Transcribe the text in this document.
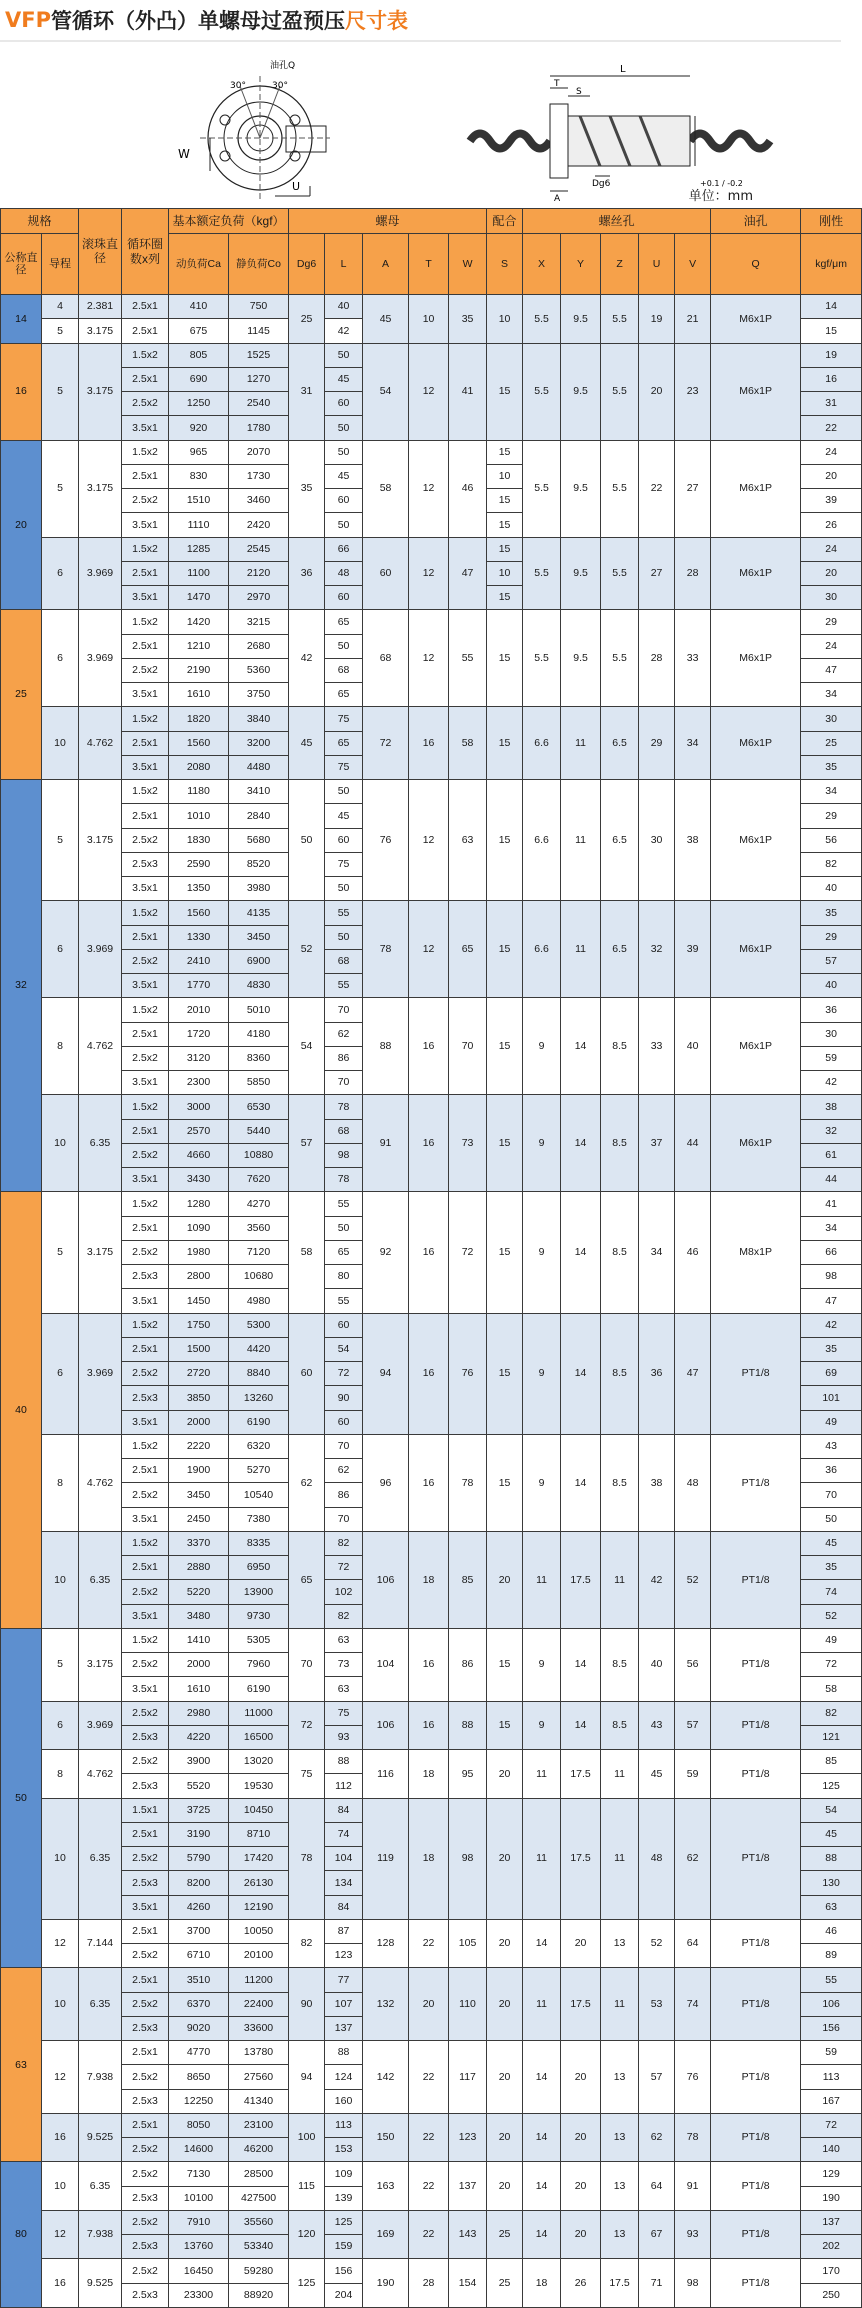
VFP 管循环（外凸）单螺母过盈预压 尺寸表
油孔Q
30°	30°
W
U
L
T
S
A
Dg6	+0.1 / -0.2
单位：mm
规格		滚珠直径	循环圈数x列	基本额定负荷（kgf）		螺母					配合	螺丝孔					油孔	刚性
公称直径	导程			动负荷Ca	静负荷Co	Dg6	L	A	T	W	S	X	Y	Z	U	V	Q	kgf/μm
14	4	2.381	2.5x1	410	750	25	40	45	10	35	10	5.5	9.5	5.5	19	21	M6x1P	14
	5	3.175	2.5x1	675	1145		42											15
16	5	3.175	1.5x2	805	1525	31	50	54	12	41	15	5.5	9.5	5.5	20	23	M6x1P	19
			2.5x1	690	1270		45											16
			2.5x2	1250	2540		60											31
			3.5x1	920	1780		50											22
20	5	3.175	1.5x2	965	2070	35	50	58	12	46	15	5.5	9.5	5.5	22	27	M6x1P	24
			2.5x1	830	1730		45				10							20
			2.5x2	1510	3460		60				15							39
			3.5x1	1110	2420		50				15							26
	6	3.969	1.5x2	1285	2545	36	66	60	12	47	15	5.5	9.5	5.5	27	28	M6x1P	24
			2.5x1	1100	2120		48				10							20
			3.5x1	1470	2970		60				15							30
25	6	3.969	1.5x2	1420	3215	42	65	68	12	55	15	5.5	9.5	5.5	28	33	M6x1P	29
			2.5x1	1210	2680		50											24
			2.5x2	2190	5360		68											47
			3.5x1	1610	3750		65											34
	10	4.762	1.5x2	1820	3840	45	75	72	16	58	15	6.6	11	6.5	29	34	M6x1P	30
			2.5x1	1560	3200		65											25
			3.5x1	2080	4480		75											35
32	5	3.175	1.5x2	1180	3410	50	50	76	12	63	15	6.6	11	6.5	30	38	M6x1P	34
			2.5x1	1010	2840		45											29
			2.5x2	1830	5680		60											56
			2.5x3	2590	8520		75											82
			3.5x1	1350	3980		50											40
	6	3.969	1.5x2	1560	4135	52	55	78	12	65	15	6.6	11	6.5	32	39	M6x1P	35
			2.5x1	1330	3450		50											29
			2.5x2	2410	6900		68											57
			3.5x1	1770	4830		55											40
	8	4.762	1.5x2	2010	5010	54	70	88	16	70	15	9	14	8.5	33	40	M6x1P	36
			2.5x1	1720	4180		62											30
			2.5x2	3120	8360		86											59
			3.5x1	2300	5850		70											42
	10	6.35	1.5x2	3000	6530	57	78	91	16	73	15	9	14	8.5	37	44	M6x1P	38
			2.5x1	2570	5440		68											32
			2.5x2	4660	10880		98											61
			3.5x1	3430	7620		78											44
40	5	3.175	1.5x2	1280	4270	58	55	92	16	72	15	9	14	8.5	34	46	M8x1P	41
			2.5x1	1090	3560		50											34
			2.5x2	1980	7120		65											66
			2.5x3	2800	10680		80											98
			3.5x1	1450	4980		55											47
	6	3.969	1.5x2	1750	5300	60	60	94	16	76	15	9	14	8.5	36	47	PT1/8	42
			2.5x1	1500	4420		54											35
			2.5x2	2720	8840		72											69
			2.5x3	3850	13260		90											101
			3.5x1	2000	6190		60											49
	8	4.762	1.5x2	2220	6320	62	70	96	16	78	15	9	14	8.5	38	48	PT1/8	43
			2.5x1	1900	5270		62											36
			2.5x2	3450	10540		86											70
			3.5x1	2450	7380		70											50
	10	6.35	1.5x2	3370	8335	65	82	106	18	85	20	11	17.5	11	42	52	PT1/8	45
			2.5x1	2880	6950		72											35
			2.5x2	5220	13900		102											74
			3.5x1	3480	9730		82											52
50	5	3.175	1.5x2	1410	5305	70	63	104	16	86	15	9	14	8.5	40	56	PT1/8	49
			2.5x2	2000	7960		73											72
			3.5x1	1610	6190		63											58
	6	3.969	2.5x2	2980	11000	72	75	106	16	88	15	9	14	8.5	43	57	PT1/8	82
			2.5x3	4220	16500		93											121
	8	4.762	2.5x2	3900	13020	75	88	116	18	95	20	11	17.5	11	45	59	PT1/8	85
			2.5x3	5520	19530		112											125
	10	6.35	1.5x1	3725	10450	78	84	119	18	98	20	11	17.5	11	48	62	PT1/8	54
			2.5x1	3190	8710		74											45
			2.5x2	5790	17420		104											88
			2.5x3	8200	26130		134											130
			3.5x1	4260	12190		84											63
	12	7.144	2.5x1	3700	10050	82	87	128	22	105	20	14	20	13	52	64	PT1/8	46
			2.5x2	6710	20100		123											89
63	10	6.35	2.5x1	3510	11200	90	77	132	20	110	20	11	17.5	11	53	74	PT1/8	55
			2.5x2	6370	22400		107											106
			2.5x3	9020	33600		137											156
	12	7.938	2.5x1	4770	13780	94	88	142	22	117	20	14	20	13	57	76	PT1/8	59
			2.5x2	8650	27560		124											113
			2.5x3	12250	41340		160											167
	16	9.525	2.5x1	8050	23100	100	113	150	22	123	20	14	20	13	62	78	PT1/8	72
			2.5x2	14600	46200		153											140
80	10	6.35	2.5x2	7130	28500	115	109	163	22	137	20	14	20	13	64	91	PT1/8	129
			2.5x3	10100	427500		139											190
	12	7.938	2.5x2	7910	35560	120	125	169	22	143	25	14	20	13	67	93	PT1/8	137
			2.5x3	13760	53340		159											202
	16	9.525	2.5x2	16450	59280	125	156	190	28	154	25	18	26	17.5	71	98	PT1/8	170
			2.5x3	23300	88920		204											250
